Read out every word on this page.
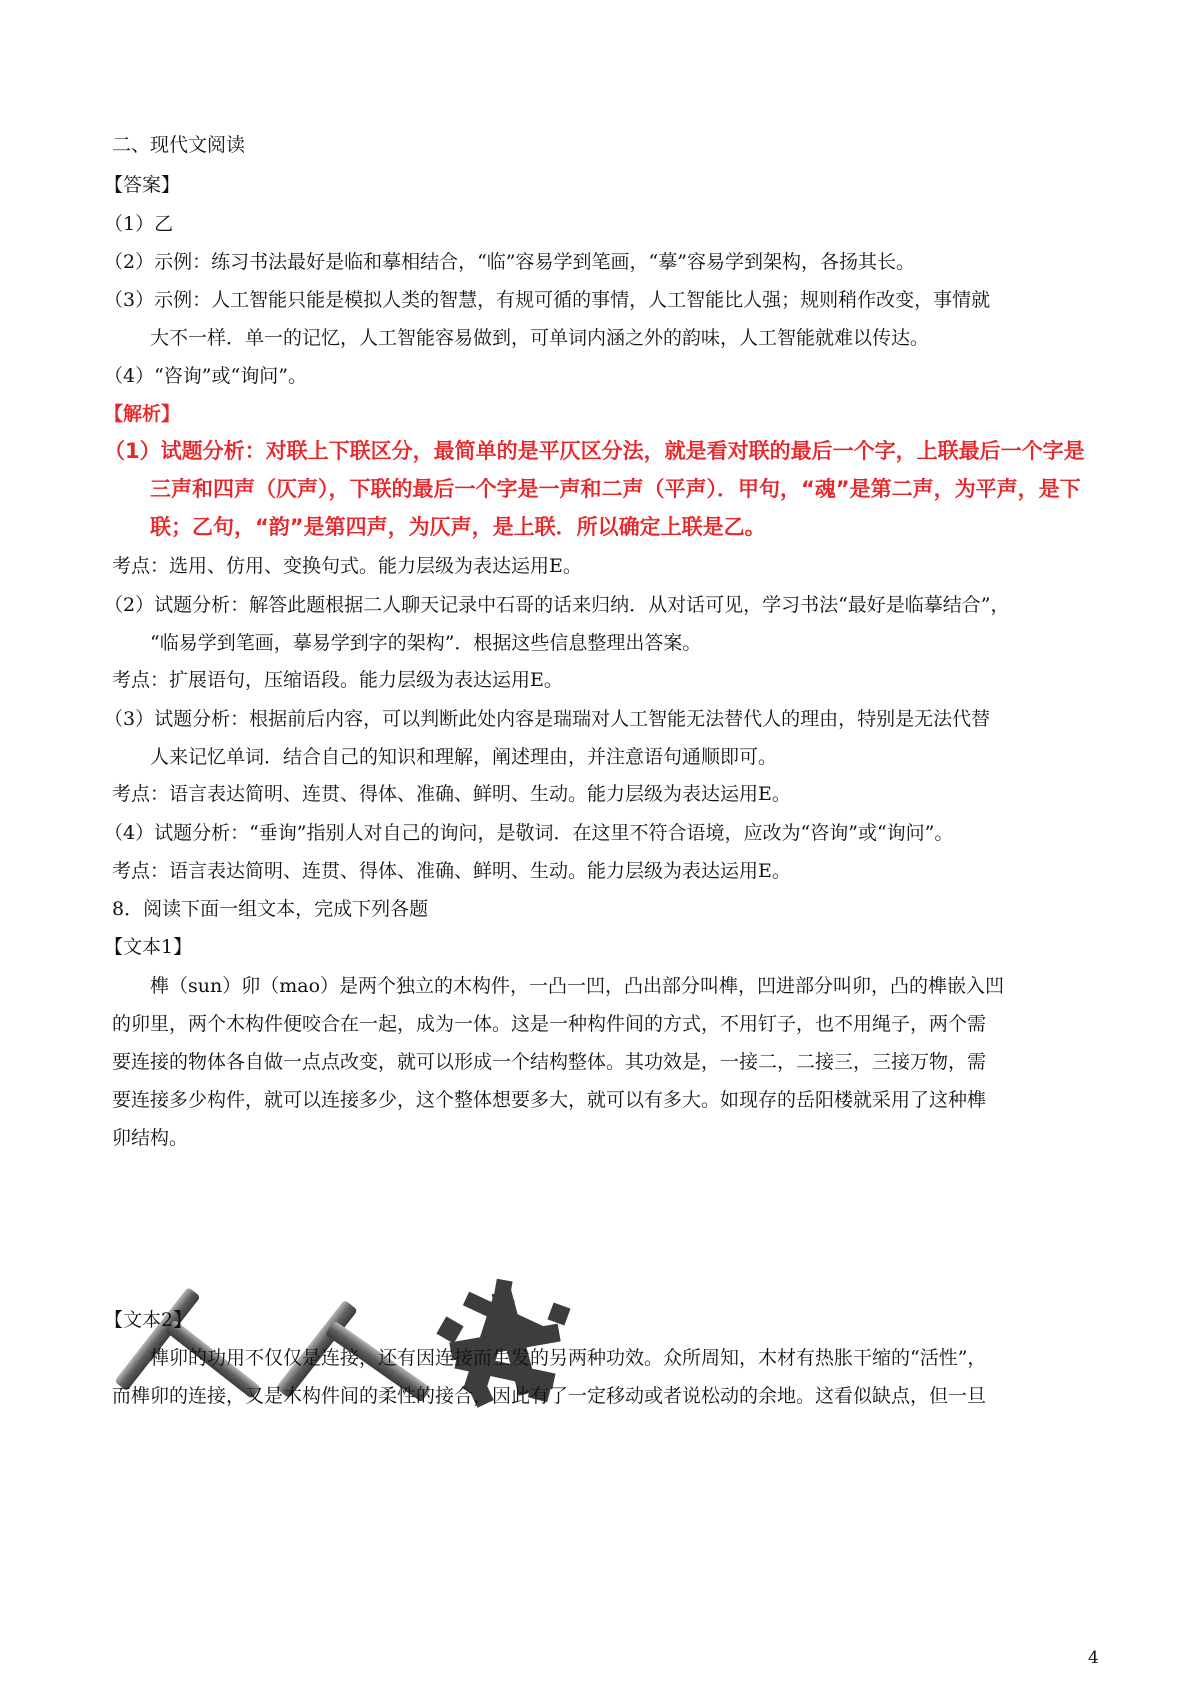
二、现代文阅读
【答案】
（1）乙
（2）示例：练习书法最好是临和摹相结合，“临”容易学到笔画，“摹”容易学到架构，各扬其长。
（3）示例：人工智能只能是模拟人类的智慧，有规可循的事情，人工智能比人强；规则稍作改变，事情就
大不一样．单一的记忆，人工智能容易做到，可单词内涵之外的韵味，人工智能就难以传达。
（4）“咨询”或“询问”。
【解析】
（1）试题分析：对联上下联区分，最简单的是平仄区分法，就是看对联的最后一个字，上联最后一个字是
三声和四声（仄声），下联的最后一个字是一声和二声（平声）．甲句，“魂”是第二声，为平声，是下
联；乙句，“韵”是第四声，为仄声，是上联．所以确定上联是乙。
考点：选用、仿用、变换句式。能力层级为表达运用E。
（2）试题分析：解答此题根据二人聊天记录中石哥的话来归纳．从对话可见，学习书法“最好是临摹结合”，
“临易学到笔画，摹易学到字的架构”．根据这些信息整理出答案。
考点：扩展语句，压缩语段。能力层级为表达运用E。
（3）试题分析：根据前后内容，可以判断此处内容是瑞瑞对人工智能无法替代人的理由，特别是无法代替
人来记忆单词．结合自己的知识和理解，阐述理由，并注意语句通顺即可。
考点：语言表达简明、连贯、得体、准确、鲜明、生动。能力层级为表达运用E。
（4）试题分析：“垂询”指别人对自己的询问，是敬词．在这里不符合语境，应改为“咨询”或“询问”。
考点：语言表达简明、连贯、得体、准确、鲜明、生动。能力层级为表达运用E。
8．阅读下面一组文本，完成下列各题
【文本1】
榫（sun）卯（mao）是两个独立的木构件，一凸一凹，凸出部分叫榫，凹进部分叫卯，凸的榫嵌入凹
的卯里，两个木构件便咬合在一起，成为一体。这是一种构件间的方式，不用钉子，也不用绳子，两个需
要连接的物体各自做一点点改变，就可以形成一个结构整体。其功效是，一接二，二接三，三接万物，需
要连接多少构件，就可以连接多少，这个整体想要多大，就可以有多大。如现存的岳阳楼就采用了这种榫
卯结构。
【文本2】
榫卯的功用不仅仅是连接，还有因连接而生发的另两种功效。众所周知，木材有热胀干缩的“活性”，
而榫卯的连接，又是木构件间的柔性的接合，因此有了一定移动或者说松动的余地。这看似缺点，但一旦
4
